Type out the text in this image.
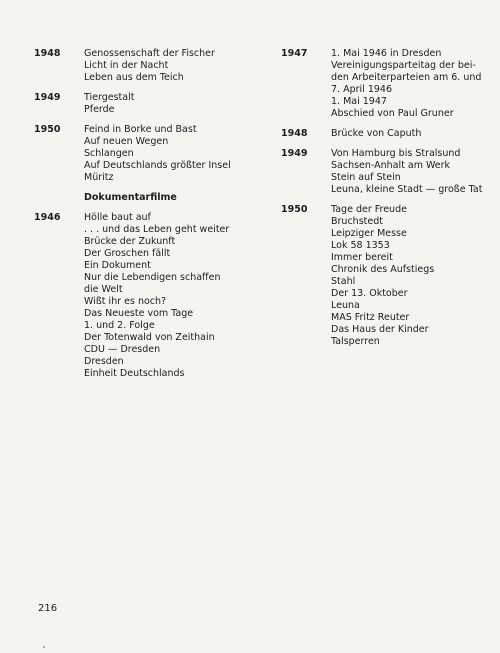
1948	Genossenschaft der Fischer
Licht in der Nacht
Leben aus dem Teich
1949	Tiergestalt
Pferde
1950	Feind in Borke und Bast
Auf neuen Wegen
Schlangen
Auf Deutschlands größter Insel
Müritz
Dokumentarfilme
1946	Hölle baut auf
. . . und das Leben geht weiter
Brücke der Zukunft
Der Groschen fällt
Ein Dokument
Nur die Lebendigen schaffen
die Welt
Wißt ihr es noch?
Das Neueste vom Tage
1. und 2. Folge
Der Totenwald von Zeithain
CDU — Dresden
Dresden
Einheit Deutschlands
1947	1. Mai 1946 in Dresden
Vereinigungsparteitag der bei-
den Arbeiterparteien am 6. und
7. April 1946
1. Mai 1947
Abschied von Paul Gruner
1948	Brücke von Caputh
1949	Von Hamburg bis Stralsund
Sachsen-Anhalt am Werk
Stein auf Stein
Leuna, kleine Stadt — große Tat
1950	Tage der Freude
Bruchstedt
Leipziger Messe
Lok 58 1353
Immer bereit
Chronik des Aufstiegs
Stahl
Der 13. Oktober
Leuna
MAS Fritz Reuter
Das Haus der Kinder
Talsperren
216
